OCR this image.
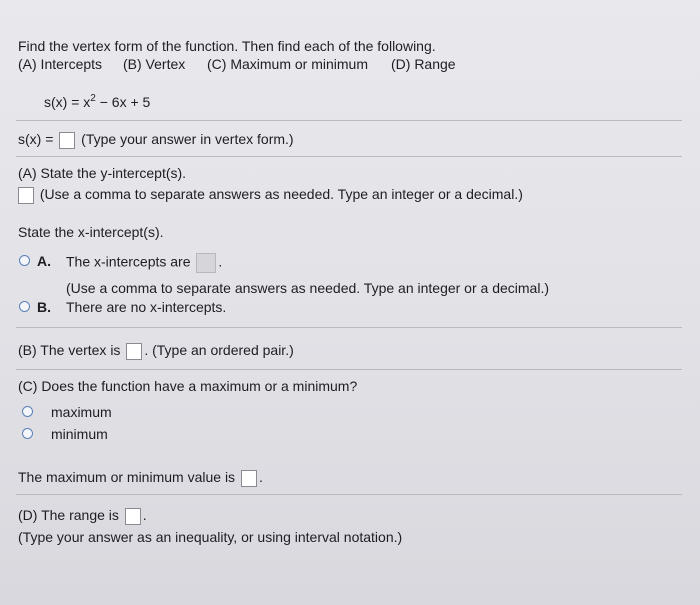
Find the vertex form of the function. Then find each of the following.
(A) Intercepts (B) Vertex (C) Maximum or minimum (D) Range
$s(x) = x^2 - 6x + 5$
s(x) = (Type your answer in vertex form.)
(A) State the y-intercept(s).
(Use a comma to separate answers as needed. Type an integer or a decimal.)
State the x-intercept(s).
A. The x-intercepts are .
(Use a comma to separate answers as needed. Type an integer or a decimal.)
B. There are no x-intercepts.
(B) The vertex is . (Type an ordered pair.)
(C) Does the function have a maximum or a minimum?
maximum
minimum
The maximum or minimum value is .
(D) The range is .
(Type your answer as an inequality, or using interval notation.)
